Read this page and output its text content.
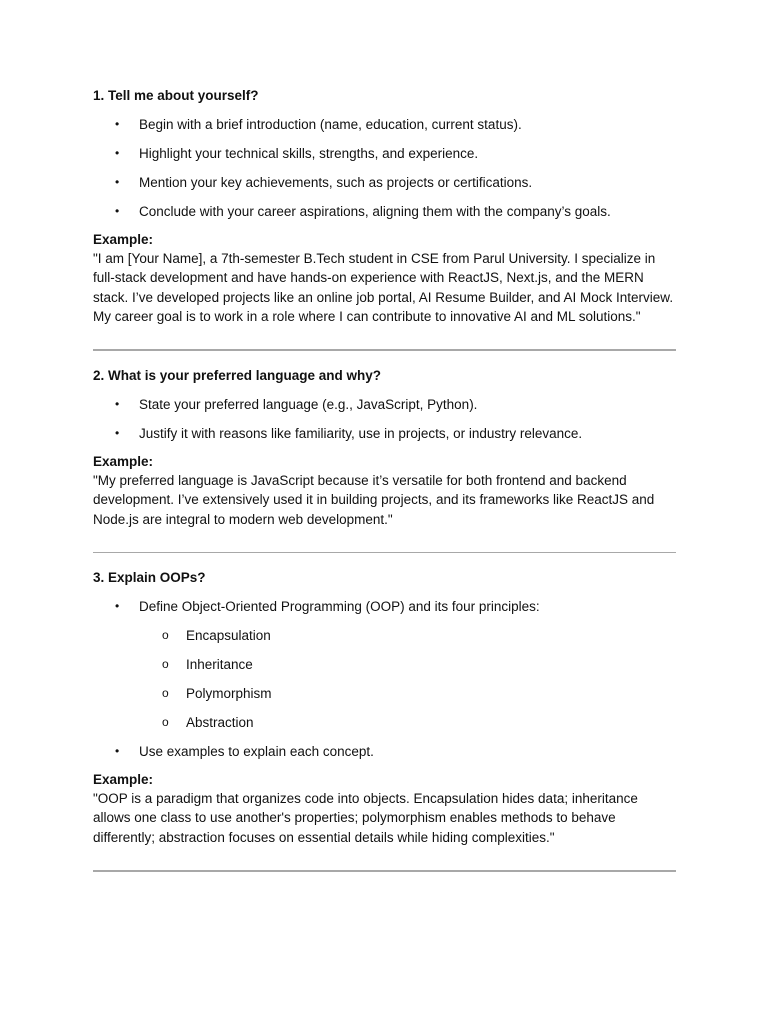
1. Tell me about yourself?

• Begin with a brief introduction (name, education, current status).
• Highlight your technical skills, strengths, and experience.
• Mention your key achievements, such as projects or certifications.
• Conclude with your career aspirations, aligning them with the company’s goals.

Example:

"I am [Your Name], a 7th-semester B.Tech student in CSE from Parul University. I specialize in full-stack development and have hands-on experience with ReactJS, Next.js, and the MERN stack. I’ve developed projects like an online job portal, AI Resume Builder, and AI Mock Interview. My career goal is to work in a role where I can contribute to innovative AI and ML solutions."

2. What is your preferred language and why?

• State your preferred language (e.g., JavaScript, Python).
• Justify it with reasons like familiarity, use in projects, or industry relevance.

Example:

"My preferred language is JavaScript because it’s versatile for both frontend and backend development. I’ve extensively used it in building projects, and its frameworks like ReactJS and Node.js are integral to modern web development."

3. Explain OOPs?

• Define Object-Oriented Programming (OOP) and its four principles:
o Encapsulation
o Inheritance
o Polymorphism
o Abstraction
• Use examples to explain each concept.

Example:

"OOP is a paradigm that organizes code into objects. Encapsulation hides data; inheritance allows one class to use another's properties; polymorphism enables methods to behave differently; abstraction focuses on essential details while hiding complexities."
